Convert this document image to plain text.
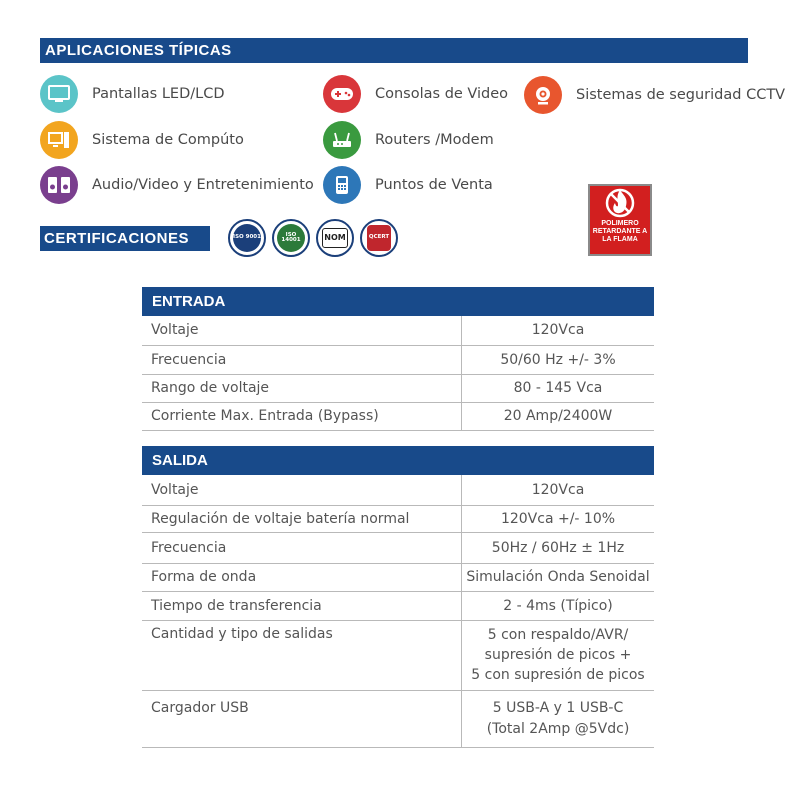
APLICACIONES TÍPICAS
Pantallas LED/LCD	Consolas de Video	Sistemas de seguridad CCTV
Sistema de Compúto	Routers /Modem
Audio/Video y Entretenimiento	Puntos de Venta
POLIMERO RETARDANTE A LA FLAMA
CERTIFICACIONES	ISO 9001	ISO 14001	NOM	QCERT
ENTRADA
Voltaje	120Vca
Frecuencia	50/60 Hz +/- 3%
Rango de voltaje	80 - 145 Vca
Corriente Max. Entrada (Bypass)	20 Amp/2400W
SALIDA
Voltaje	120Vca
Regulación de voltaje batería normal	120Vca +/- 10%
Frecuencia	50Hz / 60Hz ± 1Hz
Forma de onda	Simulación Onda Senoidal
Tiempo de transferencia	2 - 4ms (Típico)
Cantidad y tipo de salidas	5 con respaldo/AVR/
supresión de picos +
5 con supresión de picos

Cargador USB	5 USB-A y 1 USB-C
(Total 2Amp @5Vdc)
